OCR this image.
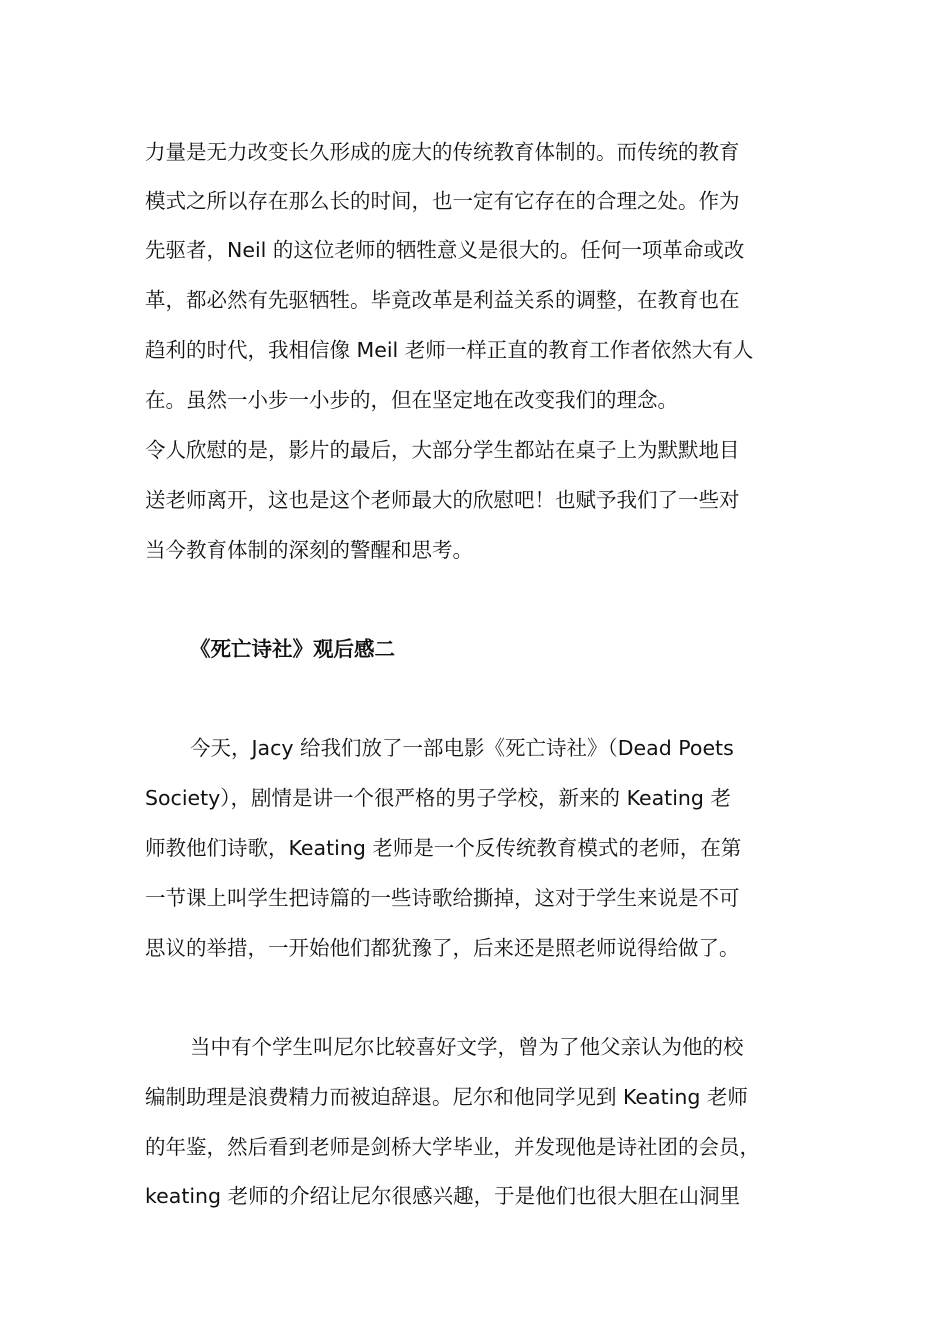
力量是无力改变长久形成的庞大的传统教育体制的。而传统的教育
模式之所以存在那么长的时间，也一定有它存在的合理之处。作为
先驱者，Neil 的这位老师的牺牲意义是很大的。任何一项革命或改
革，都必然有先驱牺牲。毕竟改革是利益关系的调整，在教育也在
趋利的时代，我相信像 Meil 老师一样正直的教育工作者依然大有人
在。虽然一小步一小步的，但在坚定地在改变我们的理念。
令人欣慰的是，影片的最后，大部分学生都站在桌子上为默默地目
送老师离开，这也是这个老师最大的欣慰吧！也赋予我们了一些对
当今教育体制的深刻的警醒和思考。
《死亡诗社》观后感二
今天，Jacy 给我们放了一部电影《死亡诗社》（Dead Poets
Society），剧情是讲一个很严格的男子学校，新来的 Keating 老
师教他们诗歌，Keating 老师是一个反传统教育模式的老师，在第
一节课上叫学生把诗篇的一些诗歌给撕掉，这对于学生来说是不可
思议的举措，一开始他们都犹豫了，后来还是照老师说得给做了。
当中有个学生叫尼尔比较喜好文学，曾为了他父亲认为他的校
编制助理是浪费精力而被迫辞退。尼尔和他同学见到 Keating 老师
的年鉴，然后看到老师是剑桥大学毕业，并发现他是诗社团的会员，
keating 老师的介绍让尼尔很感兴趣，于是他们也很大胆在山洞里
